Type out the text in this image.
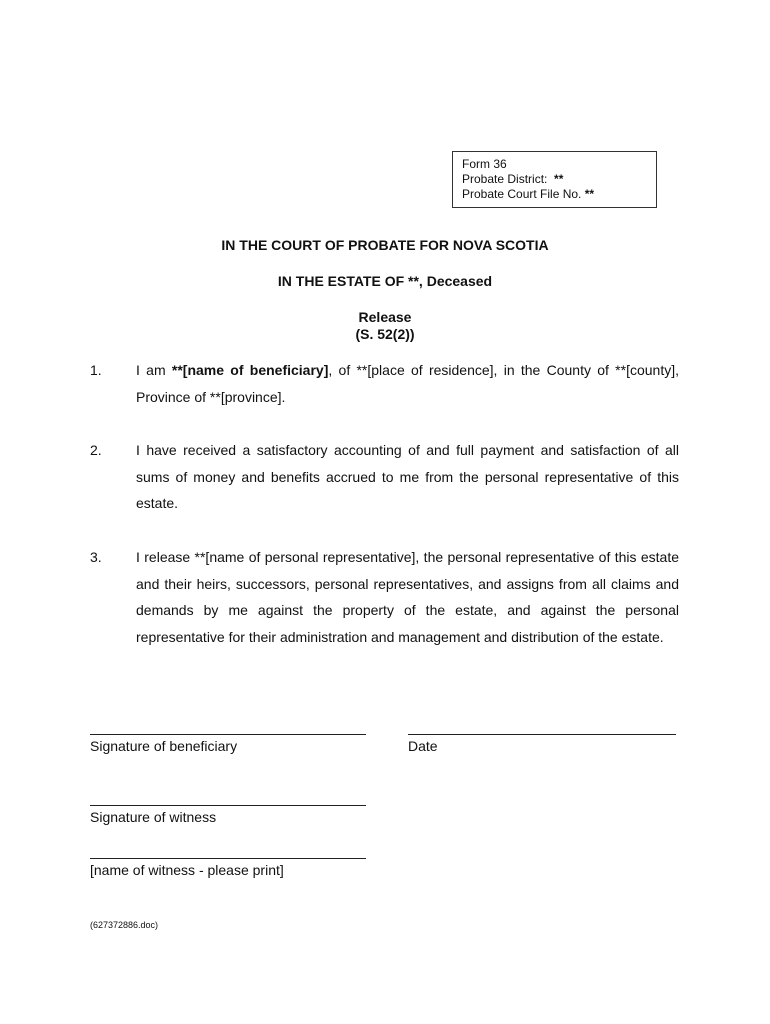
Form 36
Probate District: **
Probate Court File No. **
IN THE COURT OF PROBATE FOR NOVA SCOTIA
IN THE ESTATE OF **, Deceased
Release
(S. 52(2))
1. I am **[name of beneficiary], of **[place of residence], in the County of **[county], Province of **[province].
2. I have received a satisfactory accounting of and full payment and satisfaction of all sums of money and benefits accrued to me from the personal representative of this estate.
3. I release **[name of personal representative], the personal representative of this estate and their heirs, successors, personal representatives, and assigns from all claims and demands by me against the property of the estate, and against the personal representative for their administration and management and distribution of the estate.
Signature of beneficiary	Date
Signature of witness
[name of witness - please print]
(627372886.doc)
